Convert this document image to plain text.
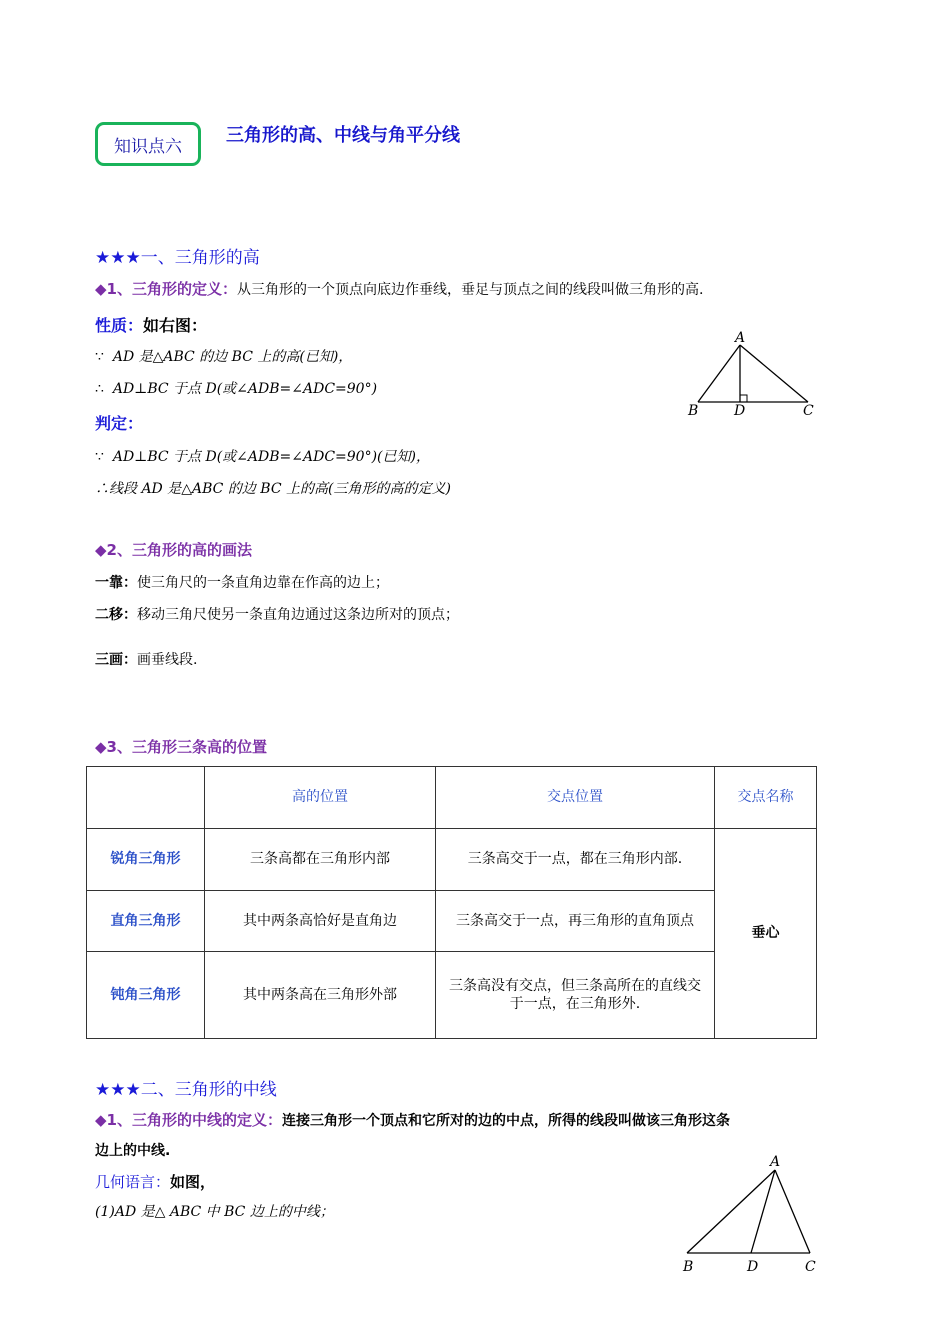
知识点六
三角形的高、中线与角平分线
★★★一、三角形的高
◆1、三角形的定义：从三角形的一个顶点向底边作垂线，垂足与顶点之间的线段叫做三角形的高.
性质：如右图：
∵ AD 是△ABC 的边 BC 上的高(已知)，
∴ AD⊥BC 于点 D(或∠ADB=∠ADC=90°)
判定：
∵ AD⊥BC 于点 D(或∠ADB=∠ADC=90°)(已知)，
∴线段 AD 是△ABC 的边 BC 上的高(三角形的高的定义)
A
B	D	C
◆2、三角形的高的画法
一靠：使三角尺的一条直角边靠在作高的边上；
二移：移动三角尺使另一条直角边通过这条边所对的顶点；
三画：画垂线段.
◆3、三角形三条高的位置
	高的位置	交点位置	交点名称
锐角三角形	三条高都在三角形内部	三条高交于一点，都在三角形内部.	垂心
直角三角形	其中两条高恰好是直角边	三条高交于一点，再三角形的直角顶点	
钝角三角形	其中两条高在三角形外部	三条高没有交点，但三条高所在的直线交于一点，在三角形外.	
★★★二、三角形的中线
◆1、三角形的中线的定义：连接三角形一个顶点和它所对的边的中点，所得的线段叫做该三角形这条
边上的中线.
几何语言：如图，
(1)AD 是△ ABC 中 BC 边上的中线；
A
B	D	C
